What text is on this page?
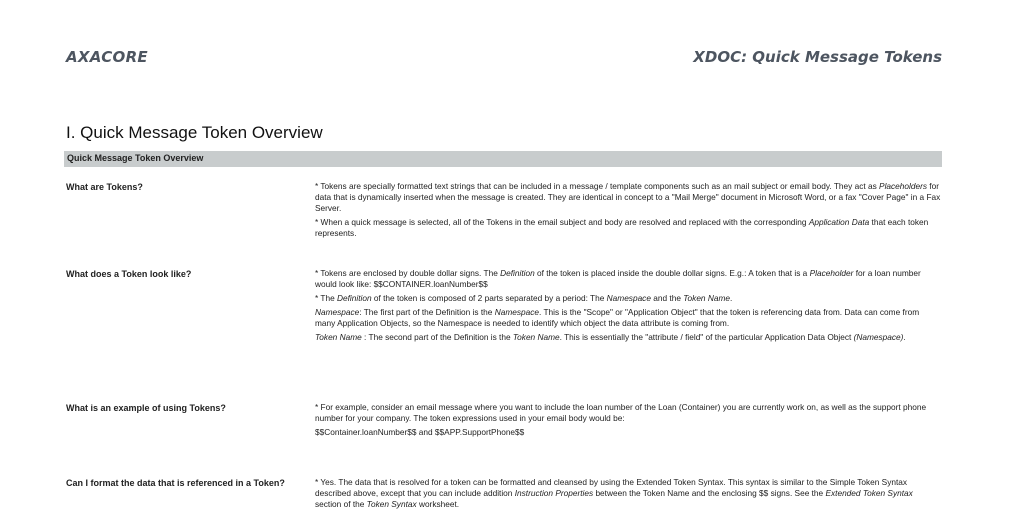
AXACORE	XDOC: Quick Message Tokens
I. Quick Message Token Overview
Quick Message Token Overview
What are Tokens?	* Tokens are specially formatted text strings that can be included in a message / template components such as an mail subject or email body. They act as Placeholders for data that is dynamically inserted when the message is created. They are identical in concept to a "Mail Merge" document in Microsoft Word, or a fax "Cover Page" in a Fax Server.

* When a quick message is selected, all of the Tokens in the email subject and body are resolved and replaced with the corresponding Application Data that each token represents.

What does a Token look like?	* Tokens are enclosed by double dollar signs. The Definition of the token is placed inside the double dollar signs. E.g.: A token that is a Placeholder for a loan number would look like: $$CONTAINER.loanNumber$$

* The Definition of the token is composed of 2 parts separated by a period: The Namespace and the Token Name.

Namespace: The first part of the Definition is the Namespace. This is the "Scope" or "Application Object" that the token is referencing data from. Data can come from many Application Objects, so the Namespace is needed to identify which object the data attribute is coming from.

Token Name : The second part of the Definition is the Token Name. This is essentially the "attribute / field" of the particular Application Data Object (Namespace).

What is an example of using Tokens?	* For example, consider an email message where you want to include the loan number of the Loan (Container) you are currently work on, as well as the support phone number for your company. The token expressions used in your email body would be:

$$Container.loanNumber$$ and $$APP.SupportPhone$$

Can I format the data that is referenced in a Token?	* Yes. The data that is resolved for a token can be formatted and cleansed by using the Extended Token Syntax. This syntax is similar to the Simple Token Syntax described above, except that you can include addition Instruction Properties between the Token Name and the enclosing $$ signs. See the Extended Token Syntax section of the Token Syntax worksheet.
